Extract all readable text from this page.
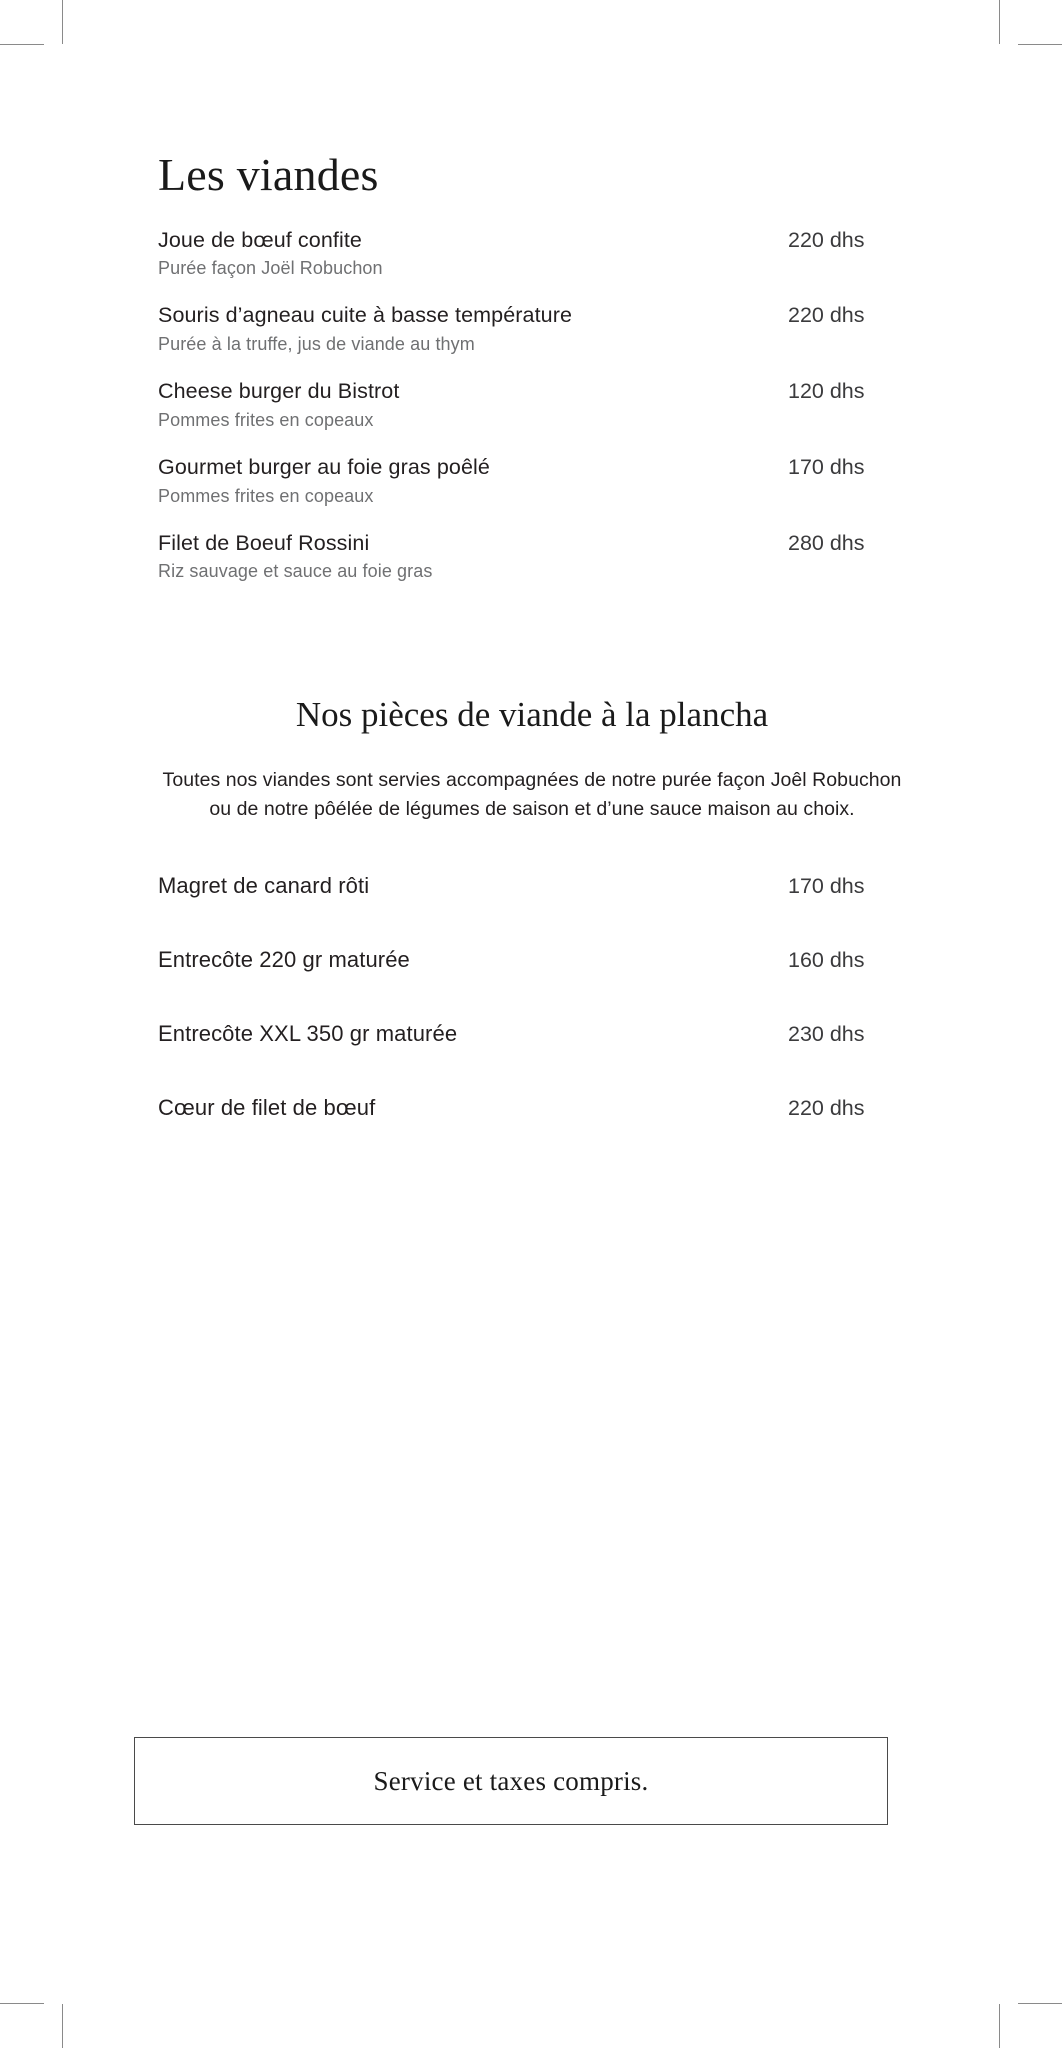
Les viandes
Joue de bœuf confite
Purée façon Joël Robuchon
220 dhs
Souris d’agneau cuite à basse température
Purée à la truffe, jus de viande au thym
220 dhs
Cheese burger du Bistrot
Pommes frites en copeaux
120 dhs
Gourmet burger au foie gras poêlé
Pommes frites en copeaux
170 dhs
Filet de Boeuf Rossini
Riz sauvage et sauce au foie gras
280 dhs
Nos pièces de viande à la plancha

Toutes nos viandes sont servies accompagnées de notre purée façon Joêl Robuchon ou de notre pôélée de légumes de saison et d’une sauce maison au choix.

Magret de canard rôti	170 dhs
Entrecôte 220 gr maturée	160 dhs
Entrecôte XXL 350 gr maturée	230 dhs
Cœur de filet de bœuf	220 dhs
Service et taxes compris.
